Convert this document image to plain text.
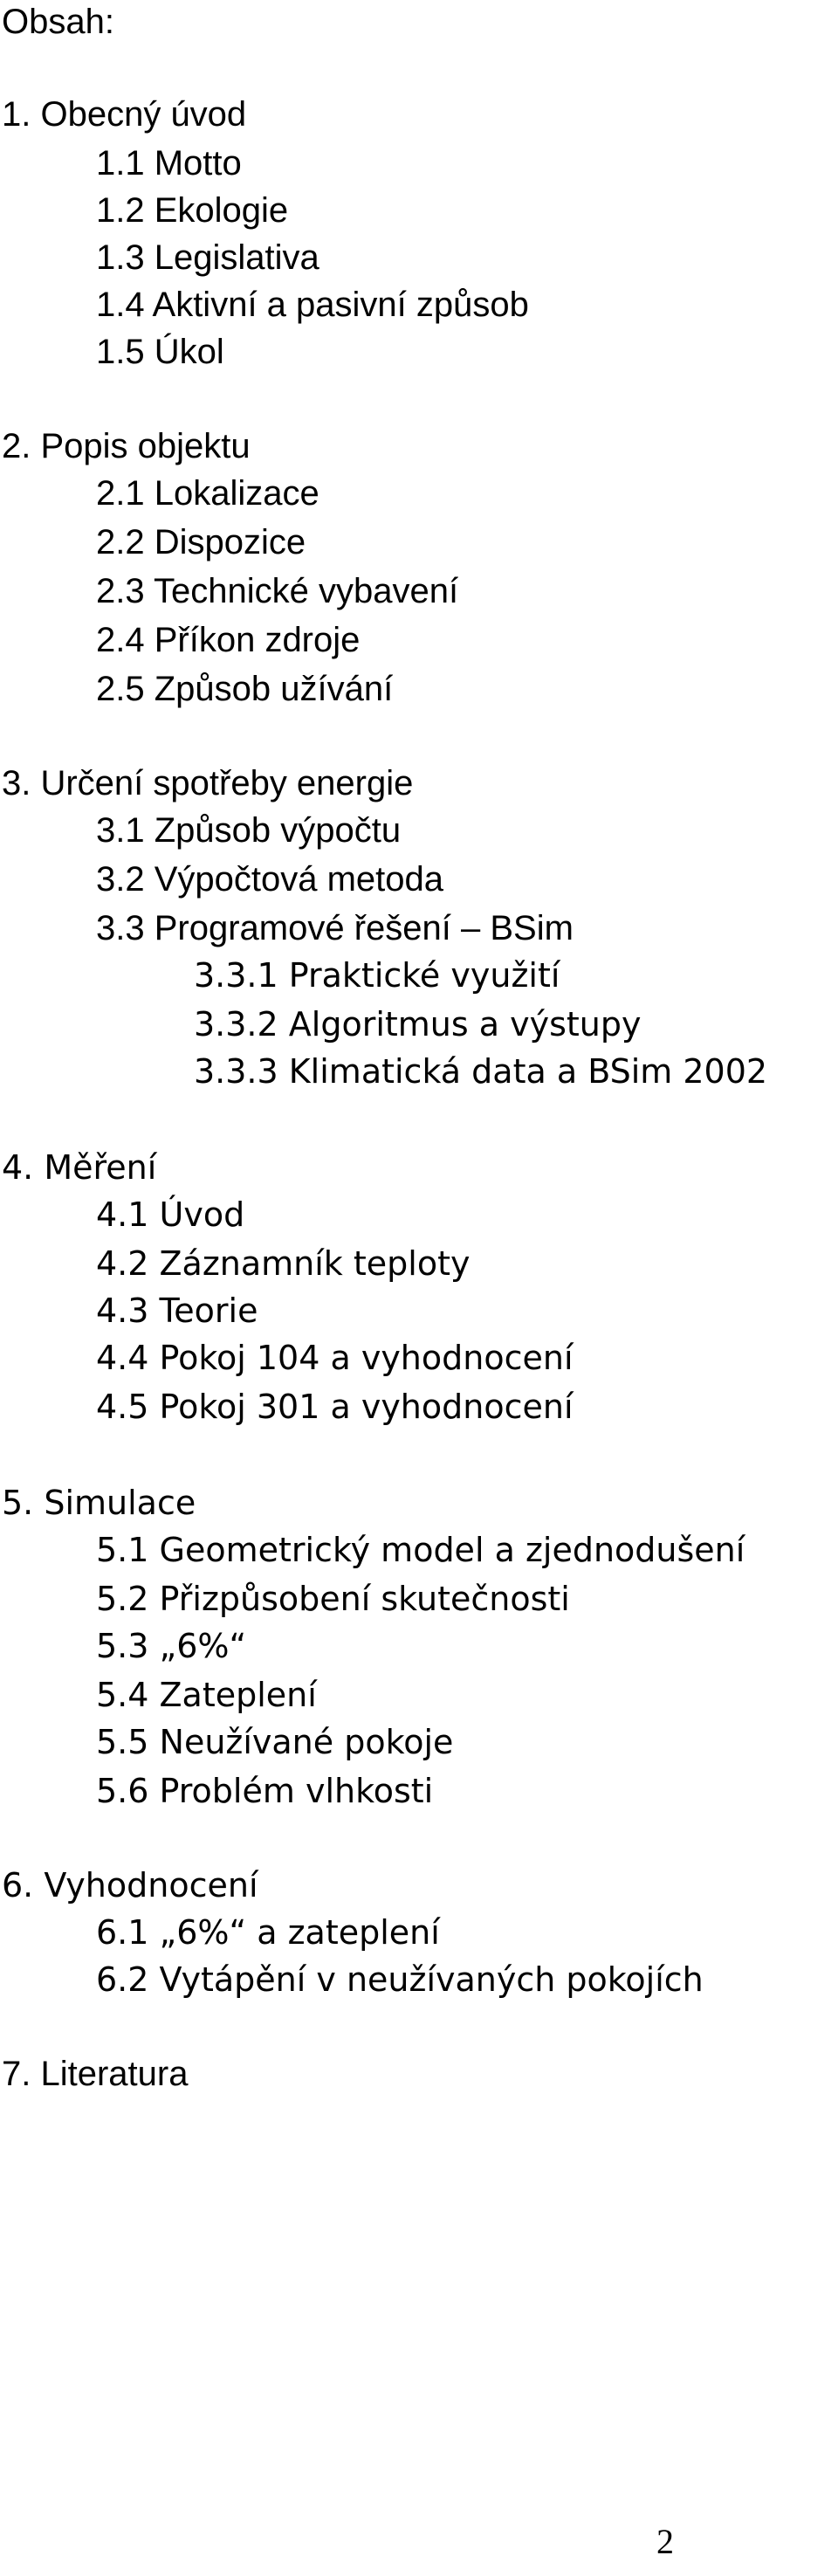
Obsah:
1. Obecný úvod
1.1 Motto
1.2 Ekologie
1.3 Legislativa
1.4 Aktivní a pasivní způsob
1.5 Úkol
2. Popis objektu
2.1 Lokalizace
2.2 Dispozice
2.3 Technické vybavení
2.4 Příkon zdroje
2.5 Způsob užívání
3. Určení spotřeby energie
3.1 Způsob výpočtu
3.2 Výpočtová metoda
3.3 Programové řešení – BSim
3.3.1 Praktické využití
3.3.2 Algoritmus a výstupy
3.3.3 Klimatická data a BSim 2002
4. Měření
4.1 Úvod
4.2 Záznamník teploty
4.3 Teorie
4.4 Pokoj 104 a vyhodnocení
4.5 Pokoj 301 a vyhodnocení
5. Simulace
5.1 Geometrický model a zjednodušení
5.2 Přizpůsobení skutečnosti
5.3 „6%“
5.4 Zateplení
5.5 Neužívané pokoje
5.6 Problém vlhkosti
6. Vyhodnocení
6.1 „6%“ a zateplení
6.2 Vytápění v neužívaných pokojích
7. Literatura
2
